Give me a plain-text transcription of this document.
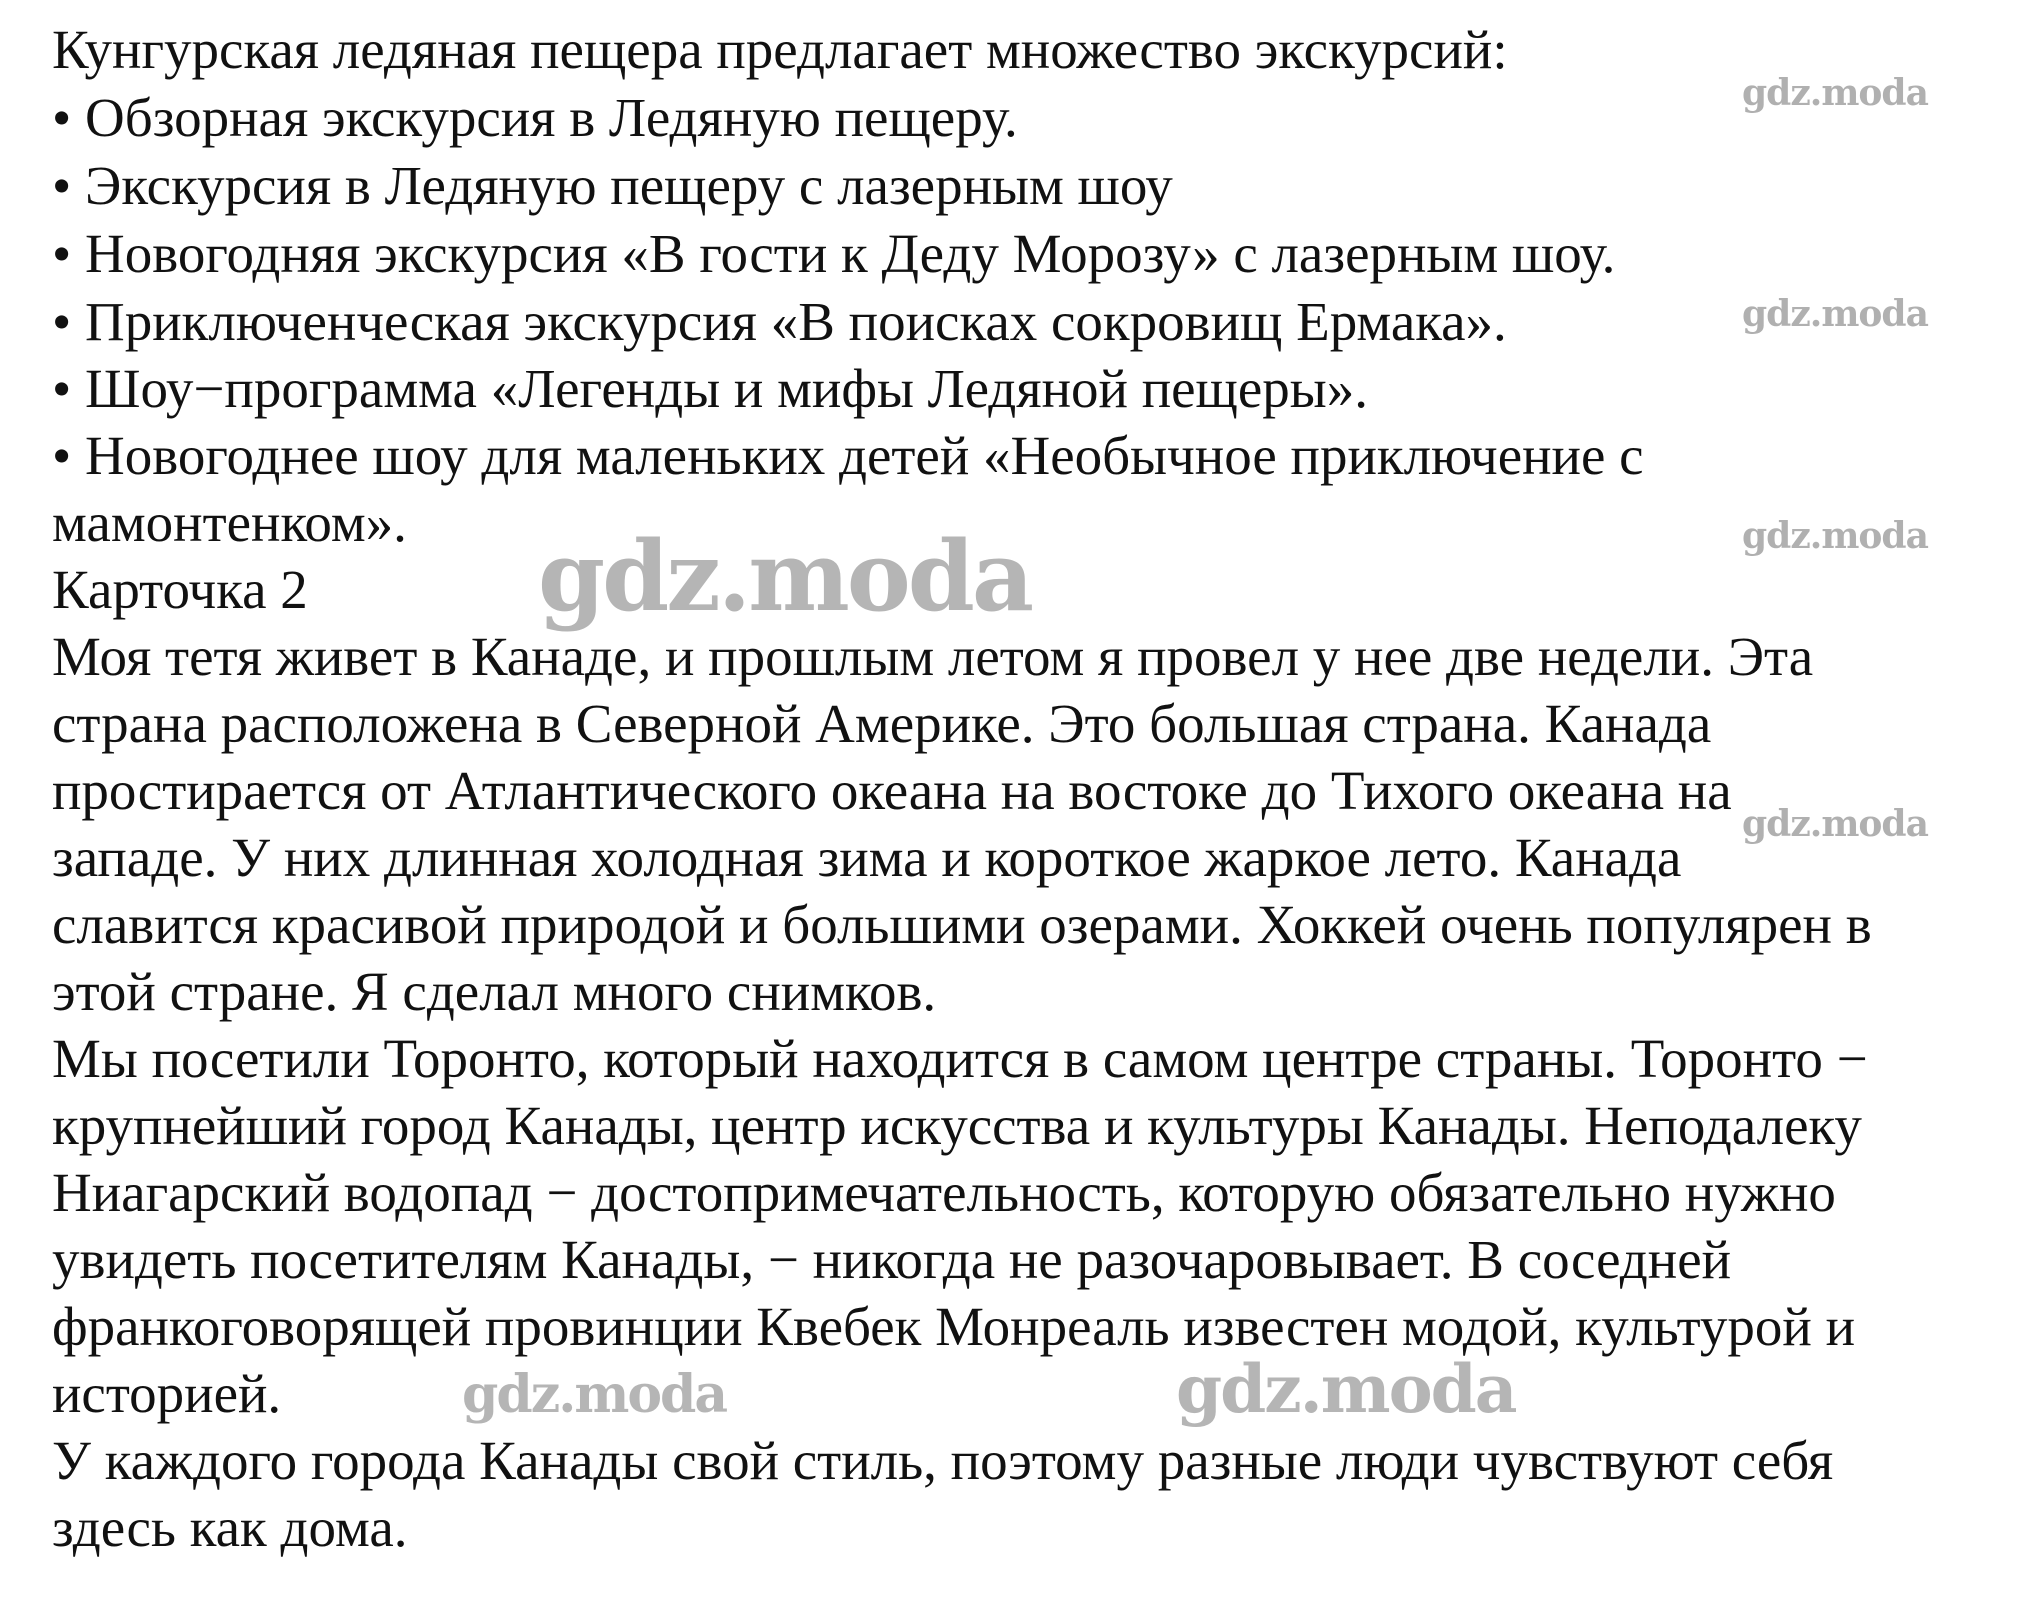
Кунгурская ледяная пещера предлагает множество экскурсий:

• Обзорная экскурсия в Ледяную пещеру.

• Экскурсия в Ледяную пещеру с лазерным шоу

• Новогодняя экскурсия «В гости к Деду Морозу» с лазерным шоу.

• Приключенческая экскурсия «В поисках сокровищ Ермака».

• Шоу−программа «Легенды и мифы Ледяной пещеры».

• Новогоднее шоу для маленьких детей «Необычное приключение с

мамонтенком».

Карточка 2

Моя тетя живет в Канаде, и прошлым летом я провел у нее две недели. Эта

страна расположена в Северной Америке. Это большая страна. Канада

простирается от Атлантического океана на востоке до Тихого океана на

западе. У них длинная холодная зима и короткое жаркое лето. Канада

славится красивой природой и большими озерами. Хоккей очень популярен в

этой стране. Я сделал много снимков.

Мы посетили Торонто, который находится в самом центре страны. Торонто −

крупнейший город Канады, центр искусства и культуры Канады. Неподалеку

Ниагарский водопад − достопримечательность, которую обязательно нужно

увидеть посетителям Канады, − никогда не разочаровывает. В соседней

франкоговорящей провинции Квебек Монреаль известен модой, культурой и

историей.

У каждого города Канады свой стиль, поэтому разные люди чувствуют себя

здесь как дома.

gdz.moda
gdz.moda
gdz.moda
gdz.moda
gdz.moda
gdz.moda	gdz.moda
